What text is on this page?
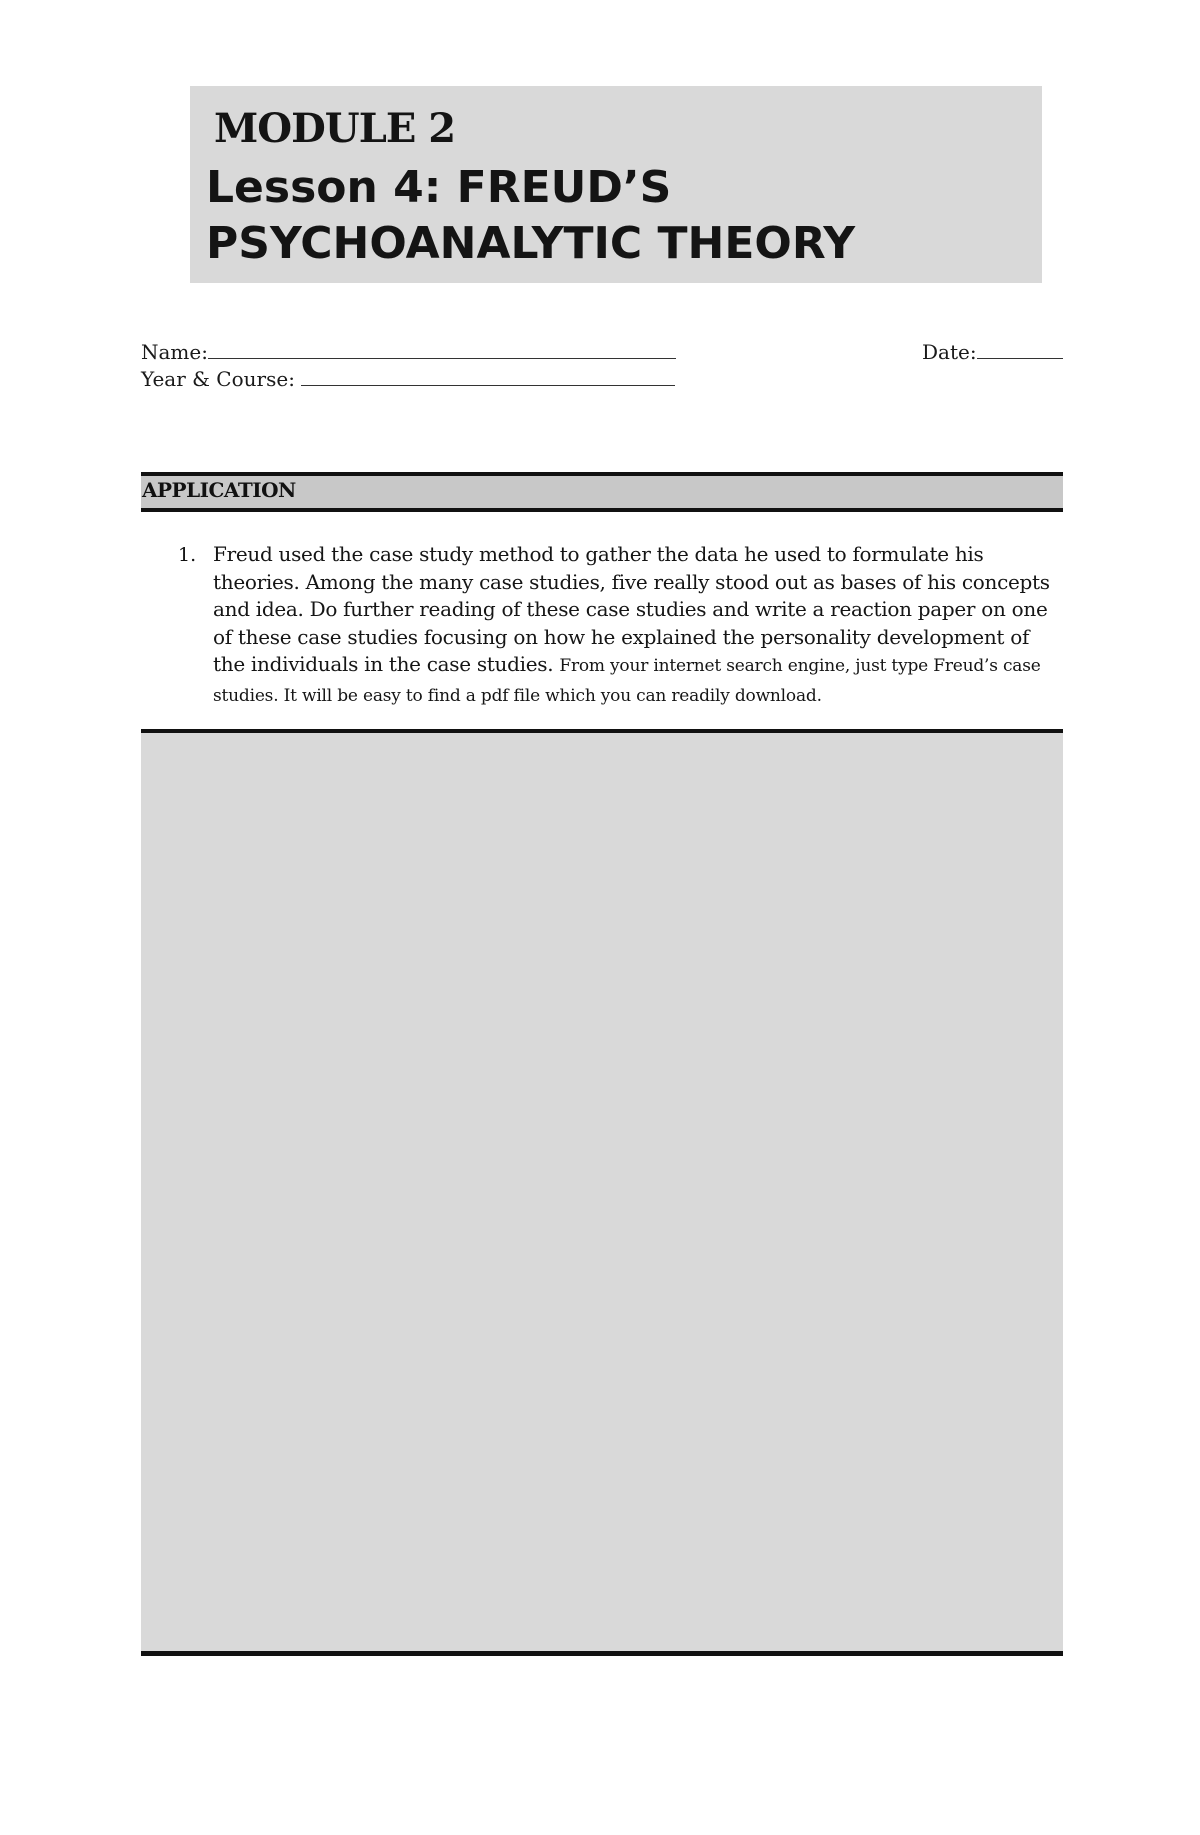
MODULE 2
Lesson 4: FREUD’S PSYCHOANALYTIC THEORY
Name:
Year & Course:
Date:
APPLICATION
1. Freud used the case study method to gather the data he used to formulate his theories. Among the many case studies, five really stood out as bases of his concepts and idea. Do further reading of these case studies and write a reaction paper on one of these case studies focusing on how he explained the personality development of the individuals in the case studies. From your internet search engine, just type Freud’s case studies. It will be easy to find a pdf file which you can readily download.
